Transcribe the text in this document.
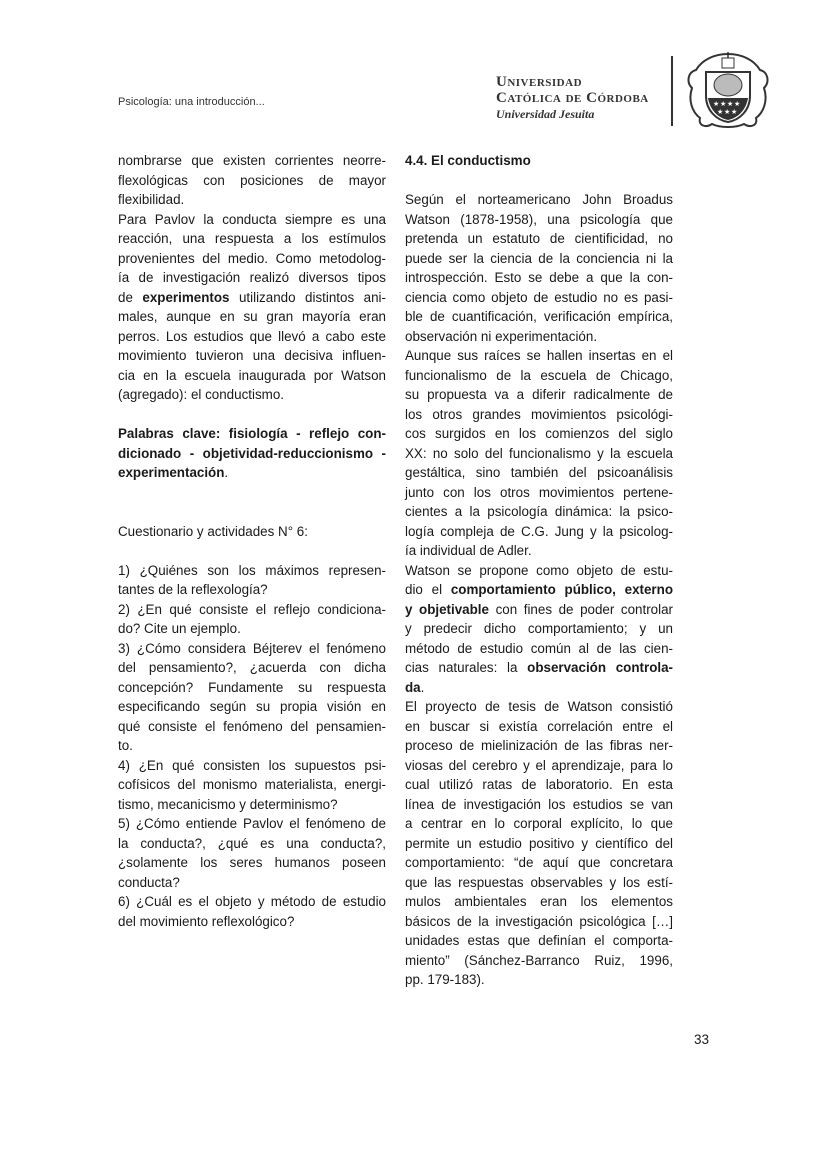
Psicología: una introducción...
Universidad
Católica de Córdoba
Universidad Jesuita
★ ★ ★ ★
★ ★ ★
nombrarse que existen corrientes neorre-
flexológicas con posiciones de mayor
flexibilidad.
Para Pavlov la conducta siempre es una
reacción, una respuesta a los estímulos
provenientes del medio. Como metodolog-
ía de investigación realizó diversos tipos
de experimentos utilizando distintos ani-
males, aunque en su gran mayoría eran
perros. Los estudios que llevó a cabo este
movimiento tuvieron una decisiva influen-
cia en la escuela inaugurada por Watson
(agregado): el conductismo.
Palabras clave: fisiología - reflejo con-
dicionado - objetividad-reduccionismo -
experimentación.
Cuestionario y actividades N° 6:
1) ¿Quiénes son los máximos represen-
tantes de la reflexología?
2) ¿En qué consiste el reflejo condiciona-
do? Cite un ejemplo.
3) ¿Cómo considera Béjterev el fenómeno
del pensamiento?, ¿acuerda con dicha
concepción? Fundamente su respuesta
especificando según su propia visión en
qué consiste el fenómeno del pensamien-
to.
4) ¿En qué consisten los supuestos psi-
cofísicos del monismo materialista, energi-
tismo, mecanicismo y determinismo?
5) ¿Cómo entiende Pavlov el fenómeno de
la conducta?, ¿qué es una conducta?,
¿solamente los seres humanos poseen
conducta?
6) ¿Cuál es el objeto y método de estudio
del movimiento reflexológico?
4.4. El conductismo
Según el norteamericano John Broadus
Watson (1878-1958), una psicología que
pretenda un estatuto de cientificidad, no
puede ser la ciencia de la conciencia ni la
introspección. Esto se debe a que la con-
ciencia como objeto de estudio no es pasi-
ble de cuantificación, verificación empírica,
observación ni experimentación.
Aunque sus raíces se hallen insertas en el
funcionalismo de la escuela de Chicago,
su propuesta va a diferir radicalmente de
los otros grandes movimientos psicológi-
cos surgidos en los comienzos del siglo
XX: no solo del funcionalismo y la escuela
gestáltica, sino también del psicoanálisis
junto con los otros movimientos pertene-
cientes a la psicología dinámica: la psico-
logía compleja de C.G. Jung y la psicolog-
ía individual de Adler.
Watson se propone como objeto de estu-
dio el comportamiento público, externo
y objetivable con fines de poder controlar
y predecir dicho comportamiento; y un
método de estudio común al de las cien-
cias naturales: la observación controla-
da.
El proyecto de tesis de Watson consistió
en buscar si existía correlación entre el
proceso de mielinización de las fibras ner-
viosas del cerebro y el aprendizaje, para lo
cual utilizó ratas de laboratorio. En esta
línea de investigación los estudios se van
a centrar en lo corporal explícito, lo que
permite un estudio positivo y científico del
comportamiento: “de aquí que concretara
que las respuestas observables y los estí-
mulos ambientales eran los elementos
básicos de la investigación psicológica […]
unidades estas que definían el comporta-
miento” (Sánchez-Barranco Ruiz, 1996,
pp. 179-183).
33
